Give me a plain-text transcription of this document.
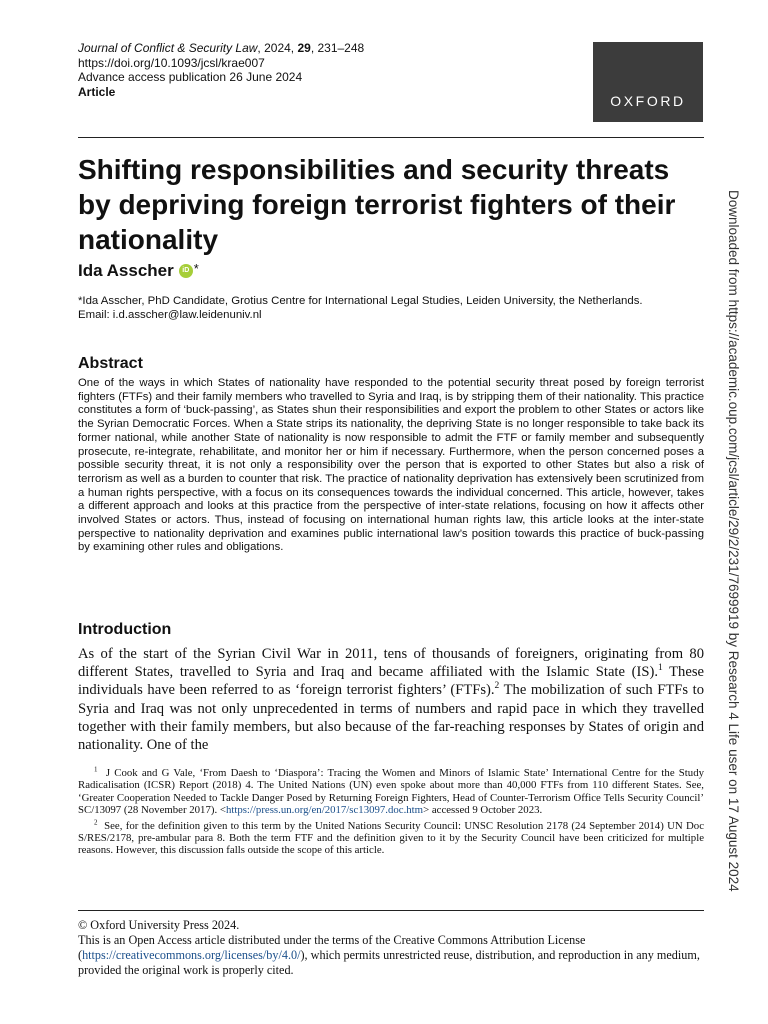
Journal of Conflict & Security Law, 2024, 29, 231–248
https://doi.org/10.1093/jcsl/krae007
Advance access publication 26 June 2024
Article
OXFORD
Shifting responsibilities and security threats by depriving foreign terrorist fighters of their nationality
Ida Asscher	iD *
*Ida Asscher, PhD Candidate, Grotius Centre for International Legal Studies, Leiden University, the Netherlands.
Email: i.d.asscher@law.leidenuniv.nl
Abstract

One of the ways in which States of nationality have responded to the potential security threat posed by foreign terrorist fighters (FTFs) and their family members who travelled to Syria and Iraq, is by stripping them of their nationality. This practice constitutes a form of ‘buck-passing’, as States shun their responsibilities and export the problem to other States or actors like the Syrian Democratic Forces. When a State strips its nationality, the depriving State is no longer responsible to take back its former national, while another State of nationality is now responsible to admit the FTF or family member and subsequently prosecute, re-integrate, rehabilitate, and monitor her or him if necessary. Furthermore, when the person concerned poses a possible security threat, it is not only a responsibility over the person that is exported to other States but also a risk of terrorism as well as a burden to counter that risk. The practice of nationality deprivation has extensively been scrutinized from a human rights perspective, with a focus on its consequences towards the individual concerned. This article, however, takes a different approach and looks at this practice from the perspective of inter-state relations, focusing on how it affects other involved States or actors. Thus, instead of focusing on international human rights law, this article looks at the inter-state perspective to nationality deprivation and examines public international law’s position towards this practice of buck-passing by examining other rules and obligations.

Introduction

As of the start of the Syrian Civil War in 2011, tens of thousands of foreigners, originating from 80 different States, travelled to Syria and Iraq and became affiliated with the Islamic State (IS).$^1$ These individuals have been referred to as ‘foreign terrorist fighters’ (FTFs).$^2$ The mobilization of such FTFs to Syria and Iraq was not only unprecedented in terms of numbers and rapid pace in which they travelled together with their family members, but also because of the far-reaching responses by States of origin and nationality. One of the

$^1$ J Cook and G Vale, ‘From Daesh to ‘Diaspora’: Tracing the Women and Minors of Islamic State’ International Centre for the Study Radicalisation (ICSR) Report (2018) 4. The United Nations (UN) even spoke about more than 40,000 FTFs from 110 different States. See, ‘Greater Cooperation Needed to Tackle Danger Posed by Returning Foreign Fighters, Head of Counter-Terrorism Office Tells Security Council’ SC/13097 (28 November 2017). <https://press.un.org/en/2017/sc13097.doc.htm> accessed 9 October 2023.

$^2$ See, for the definition given to this term by the United Nations Security Council: UNSC Resolution 2178 (24 September 2014) UN Doc S/RES/2178, pre-ambular para 8. Both the term FTF and the definition given to it by the Security Council have been criticized for multiple reasons. However, this discussion falls outside the scope of this article.

© Oxford University Press 2024.

This is an Open Access article distributed under the terms of the Creative Commons Attribution License (https://creativecommons.org/licenses/by/4.0/), which permits unrestricted reuse, distribution, and reproduction in any medium, provided the original work is properly cited.

Downloaded from https://academic.oup.com/jcsl/article/29/2/231/7699919 by Research 4 Life user on 17 August 2024
